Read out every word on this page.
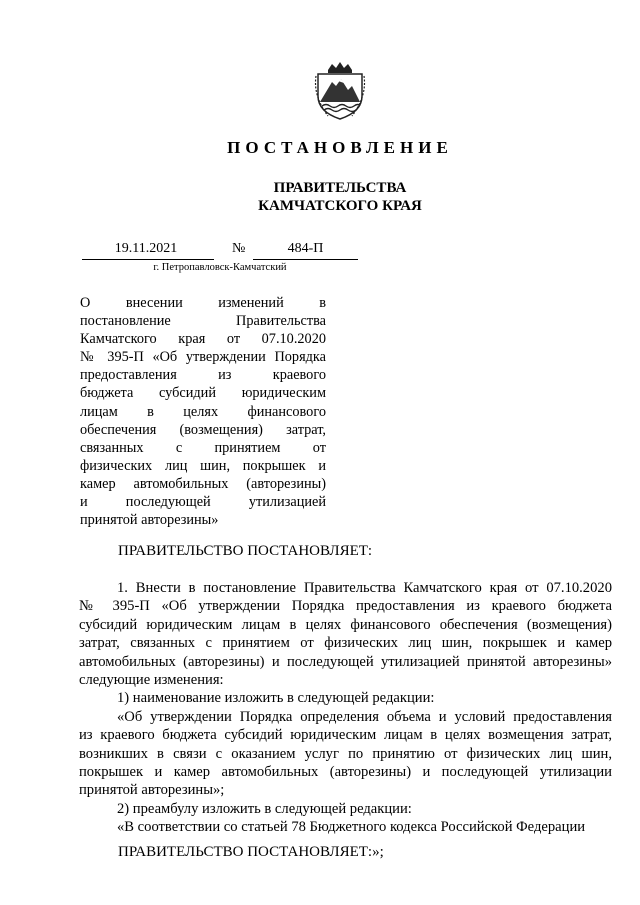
ПОСТАНОВЛЕНИЕ
ПРАВИТЕЛЬСТВА
КАМЧАТСКОГО КРАЯ
19.11.2021	№	484-П
г. Петропавловск-Камчатский
О внесении изменений в
постановление Правительства
Камчатского края от 07.10.2020
№ 395-П «Об утверждении Порядка
предоставления из краевого
бюджета субсидий юридическим
лицам в целях финансового
обеспечения (возмещения) затрат,
связанных с принятием от
физических лиц шин, покрышек и
камер автомобильных (авторезины)
и последующей утилизацией
принятой авторезины»
ПРАВИТЕЛЬСТВО ПОСТАНОВЛЯЕТ:
1. Внести в постановление Правительства Камчатского края от 07.10.2020
№ 395-П «Об утверждении Порядка предоставления из краевого бюджета
субсидий юридическим лицам в целях финансового обеспечения (возмещения)
затрат, связанных с принятием от физических лиц шин, покрышек и камер
автомобильных (авторезины) и последующей утилизацией принятой авторезины»
следующие изменения:
1) наименование изложить в следующей редакции:
«Об утверждении Порядка определения объема и условий предоставления
из краевого бюджета субсидий юридическим лицам в целях возмещения затрат,
возникших в связи с оказанием услуг по принятию от физических лиц шин,
покрышек и камер автомобильных (авторезины) и последующей утилизации
принятой авторезины»;
2) преамбулу изложить в следующей редакции:
«В соответствии со статьей 78 Бюджетного кодекса Российской Федерации
ПРАВИТЕЛЬСТВО ПОСТАНОВЛЯЕТ:»;
